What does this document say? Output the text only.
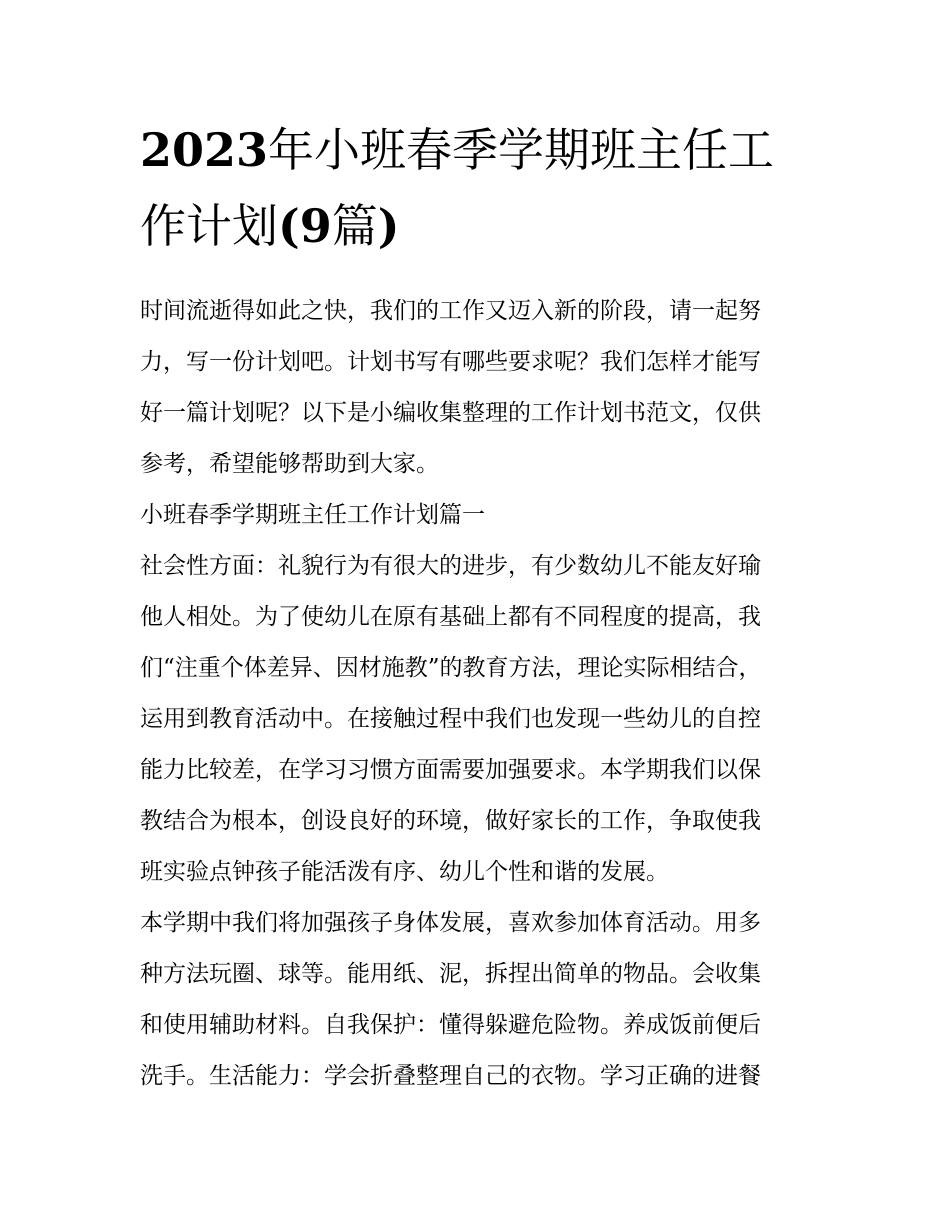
2023年小班春季学期班主任工
作计划(9篇)

时间流逝得如此之快，我们的工作又迈入新的阶段，请一起努

力，写一份计划吧。计划书写有哪些要求呢？我们怎样才能写

好一篇计划呢？以下是小编收集整理的工作计划书范文，仅供

参考，希望能够帮助到大家。

小班春季学期班主任工作计划篇一

社会性方面：礼貌行为有很大的进步，有少数幼儿不能友好瑜

他人相处。为了使幼儿在原有基础上都有不同程度的提高，我

们“注重个体差异、因材施教”的教育方法，理论实际相结合，

运用到教育活动中。在接触过程中我们也发现一些幼儿的自控

能力比较差，在学习习惯方面需要加强要求。本学期我们以保

教结合为根本，创设良好的环境，做好家长的工作，争取使我

班实验点钟孩子能活泼有序、幼儿个性和谐的发展。

本学期中我们将加强孩子身体发展，喜欢参加体育活动。用多

种方法玩圈、球等。能用纸、泥，拆捏出简单的物品。会收集

和使用辅助材料。自我保护：懂得躲避危险物。养成饭前便后

洗手。生活能力：学会折叠整理自己的衣物。学习正确的进餐
